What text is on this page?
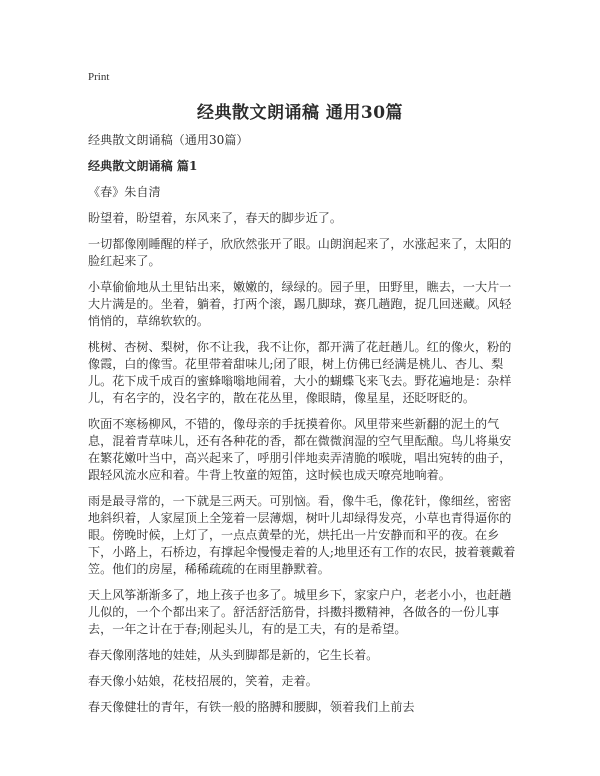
Print
经典散文朗诵稿 通用30篇

经典散文朗诵稿（通用30篇）

经典散文朗诵稿 篇1

《春》朱自清

盼望着，盼望着，东风来了，春天的脚步近了。

一切都像刚睡醒的样子，欣欣然张开了眼。山朗润起来了，水涨起来了，太阳的脸红起来了。

小草偷偷地从土里钻出来，嫩嫩的，绿绿的。园子里，田野里，瞧去，一大片一大片满是的。坐着，躺着，打两个滚，踢几脚球，赛几趟跑，捉几回迷藏。风轻悄悄的，草绵软软的。

桃树、杏树、梨树，你不让我，我不让你，都开满了花赶趟儿。红的像火，粉的像霞，白的像雪。花里带着甜味儿;闭了眼，树上仿佛已经满是桃儿、杏儿、梨儿。花下成千成百的蜜蜂嗡嗡地闹着，大小的蝴蝶飞来飞去。野花遍地是：杂样儿，有名字的，没名字的，散在花丛里，像眼睛，像星星，还眨呀眨的。

吹面不寒杨柳风，不错的，像母亲的手抚摸着你。风里带来些新翻的泥土的气息，混着青草味儿，还有各种花的香，都在微微润湿的空气里酝酿。鸟儿将巢安在繁花嫩叶当中，高兴起来了，呼朋引伴地卖弄清脆的喉咙，唱出宛转的曲子，跟轻风流水应和着。牛背上牧童的短笛，这时候也成天嘹亮地响着。

雨是最寻常的，一下就是三两天。可别恼。看，像牛毛，像花针，像细丝，密密地斜织着，人家屋顶上全笼着一层薄烟，树叶儿却绿得发亮，小草也青得逼你的眼。傍晚时候，上灯了，一点点黄晕的光，烘托出一片安静而和平的夜。在乡下，小路上，石桥边，有撑起伞慢慢走着的人;地里还有工作的农民，披着蓑戴着笠。他们的房屋，稀稀疏疏的在雨里静默着。

天上风筝渐渐多了，地上孩子也多了。城里乡下，家家户户，老老小小，也赶趟儿似的，一个个都出来了。舒活舒活筋骨，抖擞抖擞精神，各做各的一份儿事去，一年之计在于春;刚起头儿，有的是工夫，有的是希望。

春天像刚落地的娃娃，从头到脚都是新的，它生长着。

春天像小姑娘，花枝招展的，笑着，走着。

春天像健壮的青年，有铁一般的胳膊和腰脚，领着我们上前去
